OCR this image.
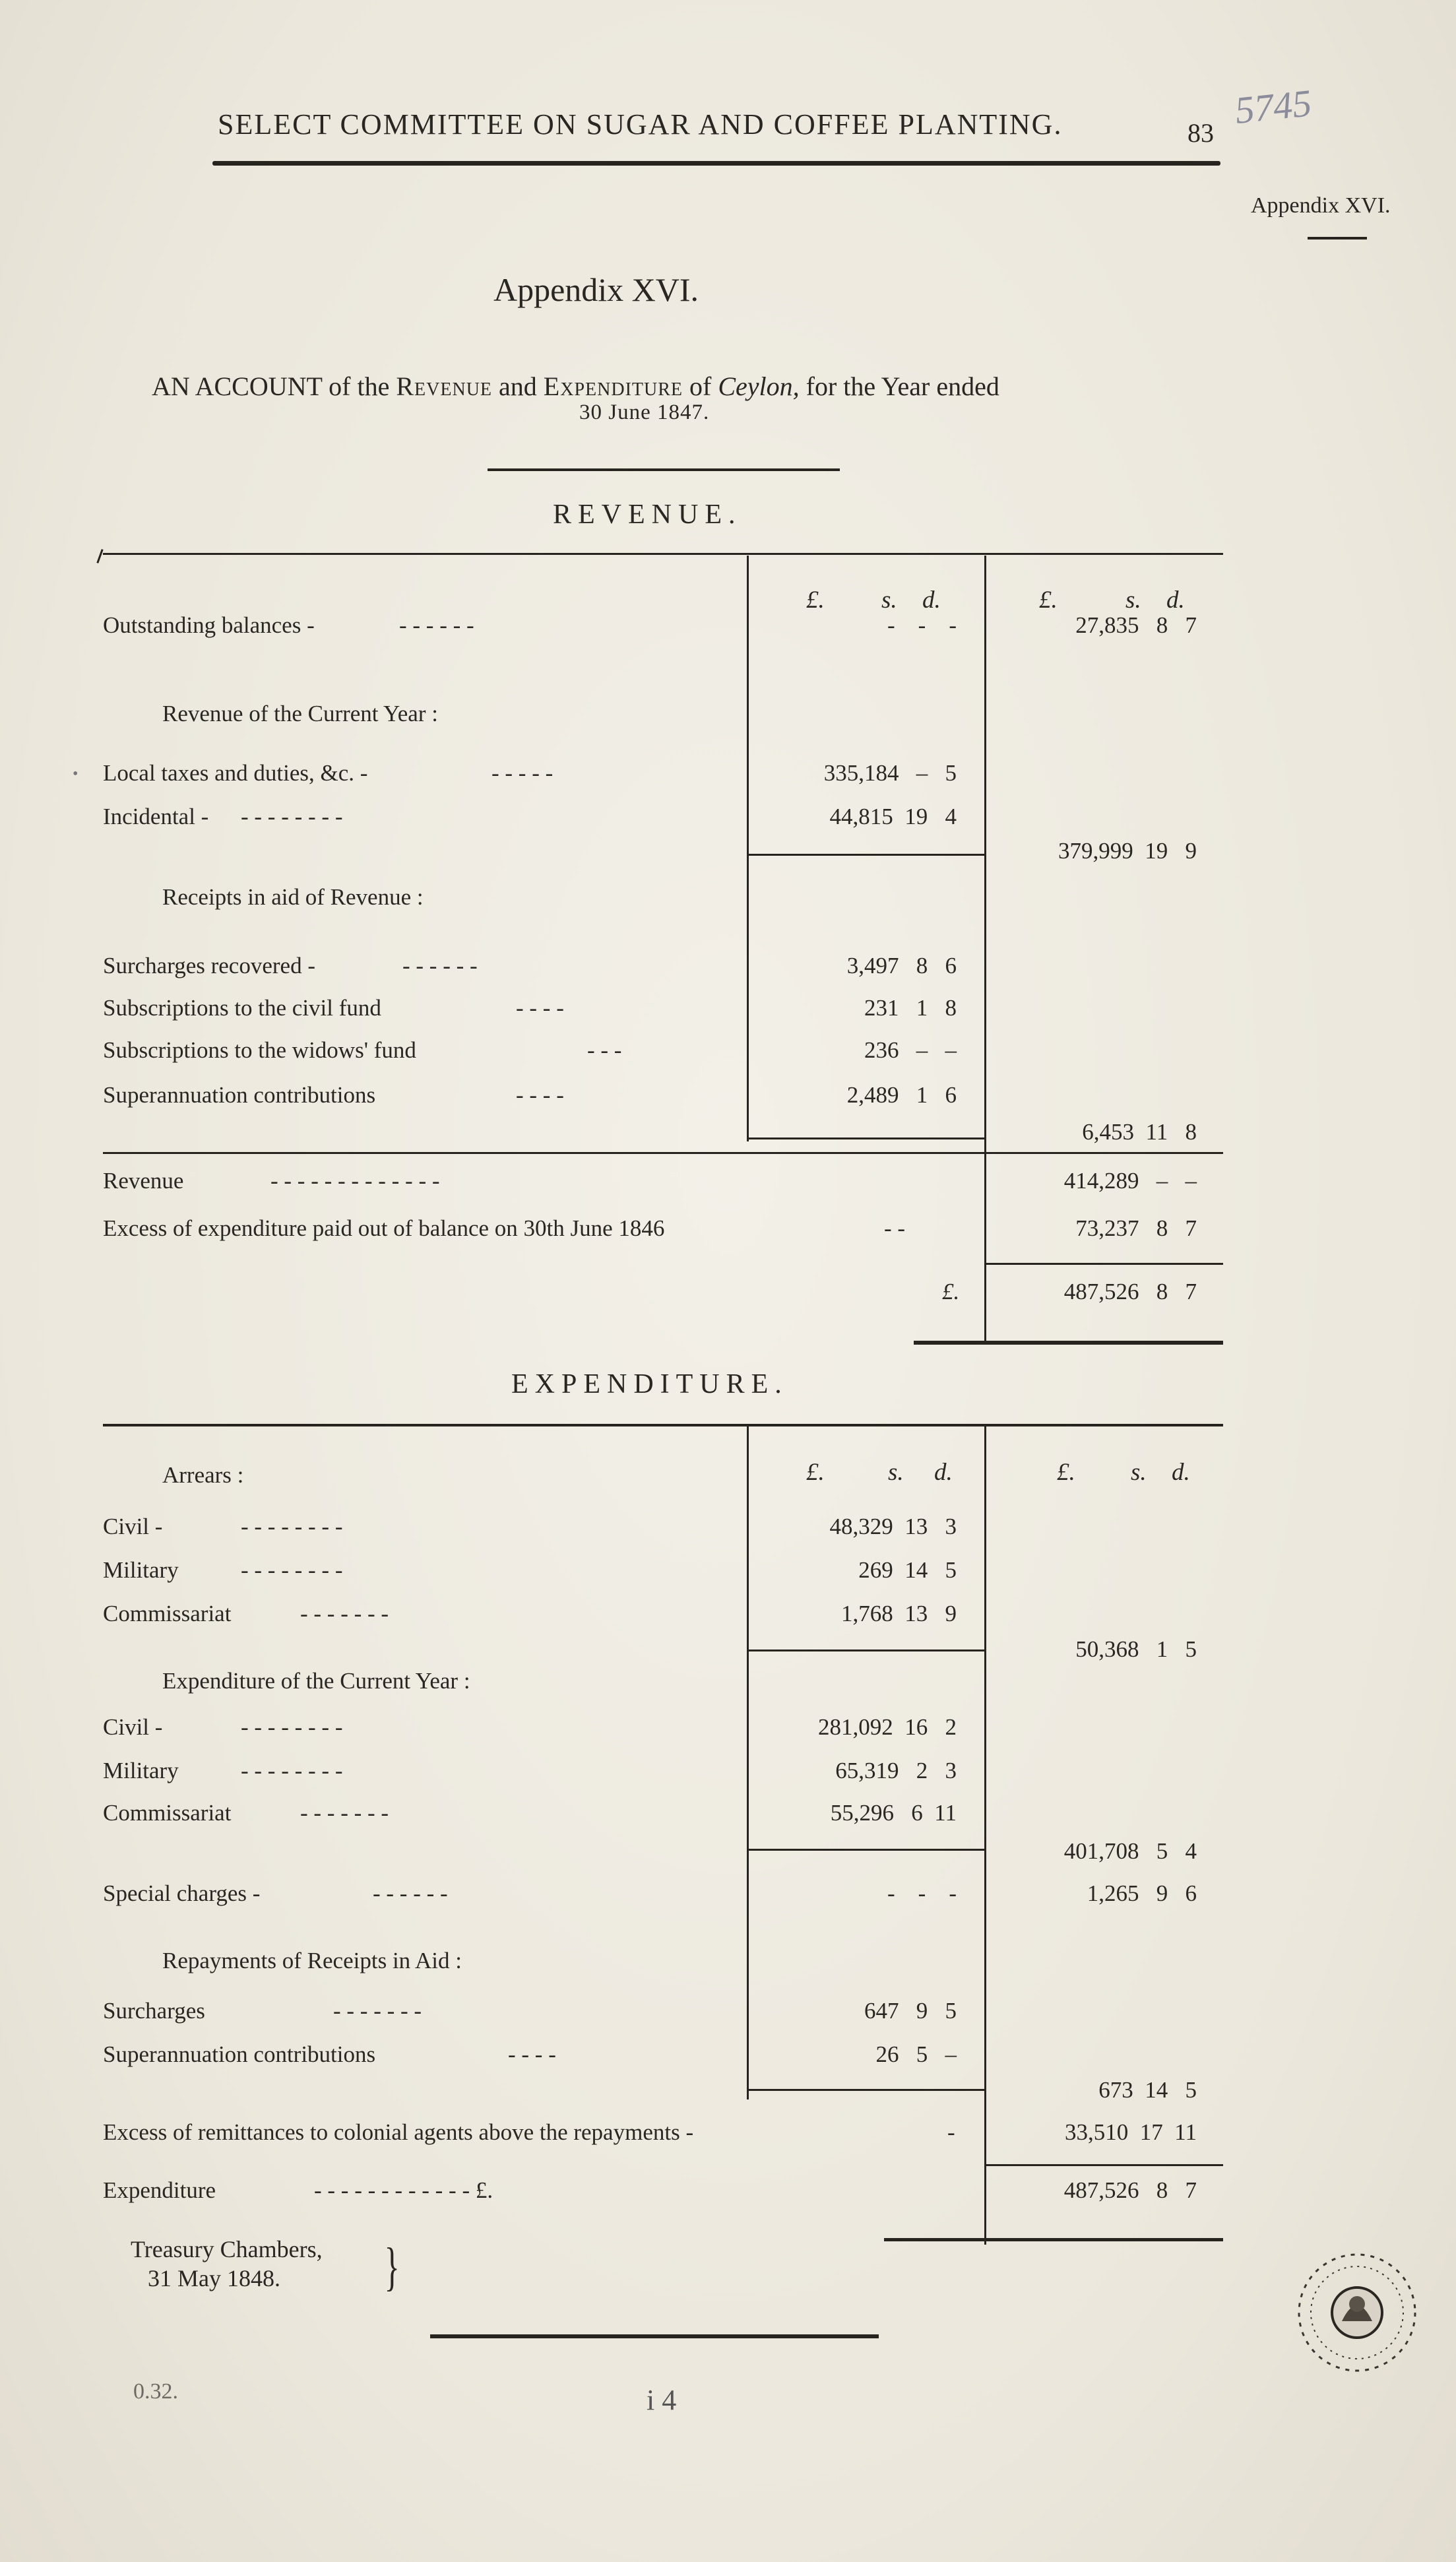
SELECT COMMITTEE ON SUGAR AND COFFEE PLANTING.	83
5745
Appendix XVI.
Appendix XVI.
AN ACCOUNT of the Revenue and Expenditure of Ceylon, for the Year ended
30 June 1847.
REVENUE.
£. s. d.	£.	s. d.
Outstanding balances -	- - - - - -	-    -    -	27,835   8   7
Revenue of the Current Year :
• Local taxes and duties, &c. -	- - - - -	335,184   –   5
Incidental - - - - - - - - -	44,815  19   4
379,999  19   9
Receipts in aid of Revenue :
Surcharges recovered -	- - - - - -	3,497   8   6
Subscriptions to the civil fund	- - - -	231   1   8
Subscriptions to the widows' fund	- - -	236   –   –
Superannuation contributions	- - - -	2,489   1   6
6,453  11   8
Revenue	- - - - - - - - - - - - -	414,289   –   –
Excess of expenditure paid out of balance on 30th June 1846	- -	73,237   8   7
£.	487,526   8   7
EXPENDITURE.
£.	s. d.	£. s. d.
Arrears :
Civil -	- - - - - - - -	48,329  13   3
Military	- - - - - - - -	269  14   5
Commissariat	- - - - - - -	1,768  13   9
50,368   1   5
Expenditure of the Current Year :
Civil -	- - - - - - - -	281,092  16   2
Military	- - - - - - - -	65,319   2   3
Commissariat	- - - - - - -	55,296   6  11
401,708   5   4
Special charges -	- - - - - -	-    -    -	1,265   9   6
Repayments of Receipts in Aid :
Surcharges	- - - - - - -	647   9   5
Superannuation contributions	- - - -	26   5   –
673  14   5
Excess of remittances to colonial agents above the repayments -	-	33,510  17  11
Expenditure	- - - - - - - - - - - - £.	487,526   8   7
Treasury Chambers,
31 May 1848.	}
0.32.	i 4
